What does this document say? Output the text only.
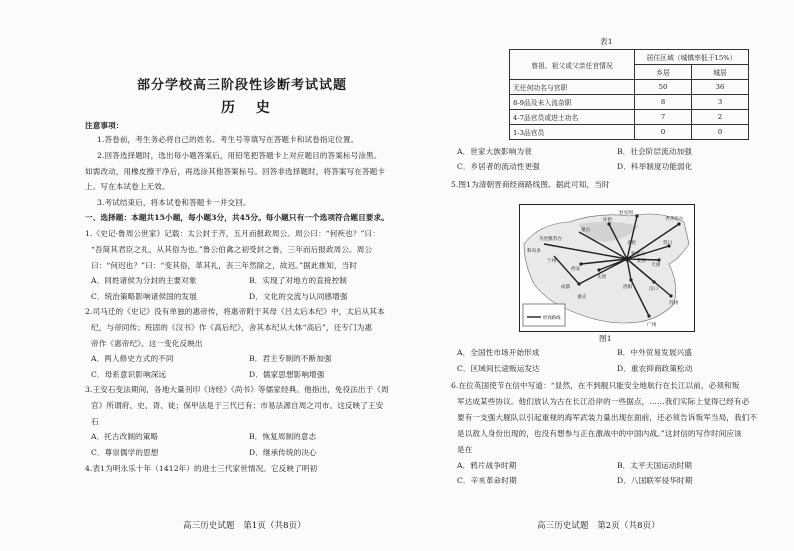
部分学校高三阶段性诊断考试试题
历 史
注意事项：
1.答卷前，考生务必将自己的姓名、考生号等填写在答题卡和试卷指定位置。
2.回答选择题时，选出每小题答案后，用铅笔把答题卡上对应题目的答案标号涂黑。
如需改动，用橡皮擦干净后，再选涂其他答案标号。回答非选择题时，将答案写在答题卡
上。写在本试卷上无效。
3.考试结束后，将本试卷和答题卡一并交回。
一、选择题：本题共15小题，每小题3分，共45分。每小题只有一个选项符合题目要求。
1.《史记·鲁周公世家》记载：太公封于齐，五月而报政周公。周公曰：“何疾也？”曰：
“吾简其君臣之礼，从其俗为也。”鲁公伯禽之初受封之鲁，三年而后报政周公。周公
曰：“何迟也？”曰：“变其俗，革其礼，丧三年然除之，故迟。”据此推知，当时
A．同姓诸侯为分封的主要对象	B．实现了对地方的直接控制
C．统治策略影响诸侯国的发展	D．文化的交流与认同感增强
2.司马迁的《史记》没有单独的惠帝传，将惠帝附于其母《吕太后本纪》中，太后从其本
纪，与帝同传；班固的《汉书》作《高后纪》，舍其本纪从大体“高后”，还专门为惠
帝作《惠帝纪》。这一变化反映出
A．两人修史方式的不同	B．君主专制的不断加强
C．母系意识影响深远	D．儒家思想影响增强
3.王安石变法期间，各地大量刊印《诗经》《尚书》等儒家经典。他指出，免役法出于《周
官》所谓府、史、胥、徒；保甲法是于三代已有；市易法源自周之司市。这反映了王安
石
A．托古改制的策略	B．恢复周制的意志
C．尊崇儒学的思想	D．继承传统的决心
4.表1为明永乐十年（1412年）的进士三代家世情况。它反映了明初
高三历史试题　第1页（共8页）
表1
曾祖、祖父或父亲任官情况	居住区域（城镇率低于15%）	
	乡居	城居
无任何功名与官职	50	36
8-9品及未入流杂职	8	3
4-7品官员或进士功名	7	2
1-3品官员	0	0
A．世家大族影响为衰	B．社会阶层流动加强
C．乡居者的流动性更强	D．科举制度功能弱化
5.图1为清朝晋商经商路线图。据此可知，当时
库伦
恰克图
蒙古
乌里雅苏台
多伦
科布多
张家口
齐齐哈尔
营口
天津
北京
太原
西安
兰州
洛阳
成都
重庆
汉口
苏州
广州
经商路线
图1
A．全国性市场开始形成	B．中外贸易发展兴盛
C．区域间长途贩运发达	D．重农抑商政策松动
6.在位英国使节在信中写道：“显然，在不到舰只能安全地航行在长江以前，必须和叛
军达成某些协议。他们放认为古在长江沿岸的一些据点，……我们实际上觉得已经有必
要有一支强大舰队以引起重视的海军武装力量出现在面前，还必须告诉叛军当局，我们不
是以敌人身份出现的，也没有想参与正在激战中的中国内战。”这封信的写作时间应该
是在
A．鸦片战争时期	B．太平天国运动时期
C．辛亥革命时期	D．八国联军侵华时期
高三历史试题　第2页（共8页）
